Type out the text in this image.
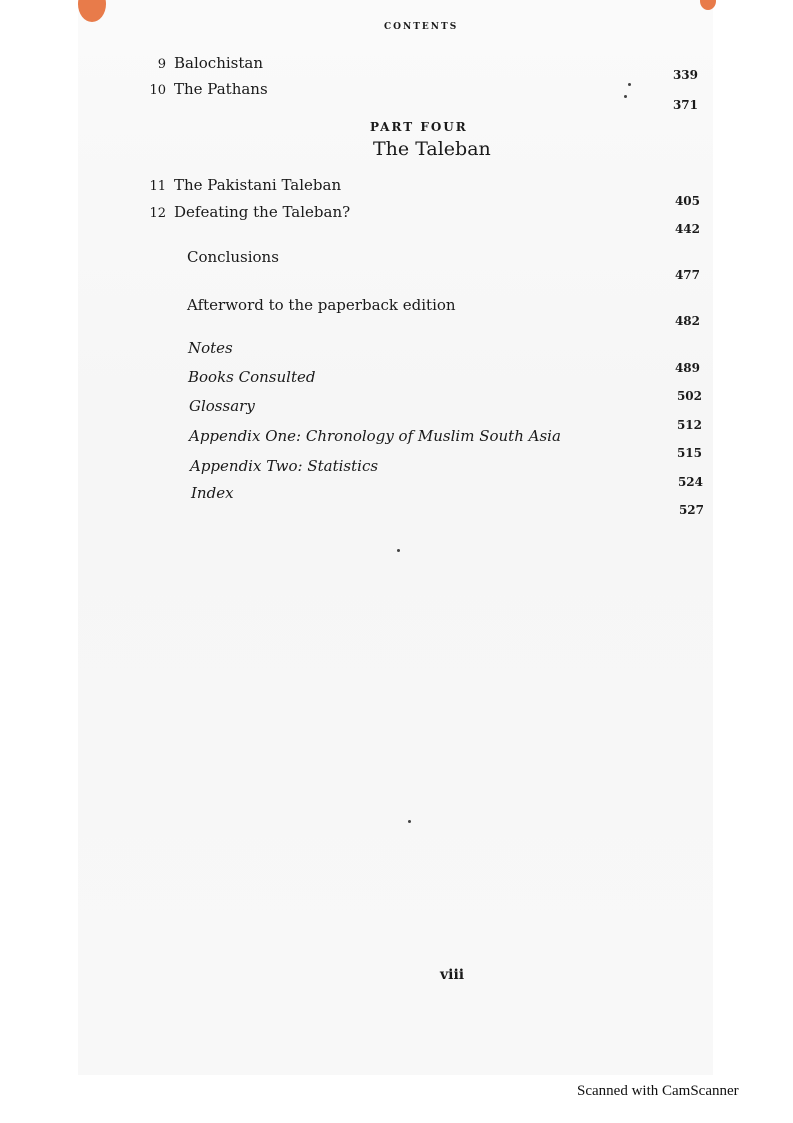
CONTENTS
9 Balochistan
339
10 The Pathans
371
PART FOUR
The Taleban
11 The Pakistani Taleban
405
12 Defeating the Taleban?
442
Conclusions
477
Afterword to the paperback edition
482
Notes
489
Books Consulted
502
Glossary
512
Appendix One: Chronology of Muslim South Asia
515
Appendix Two: Statistics
524
Index
527
viii
Scanned with CamScanner
